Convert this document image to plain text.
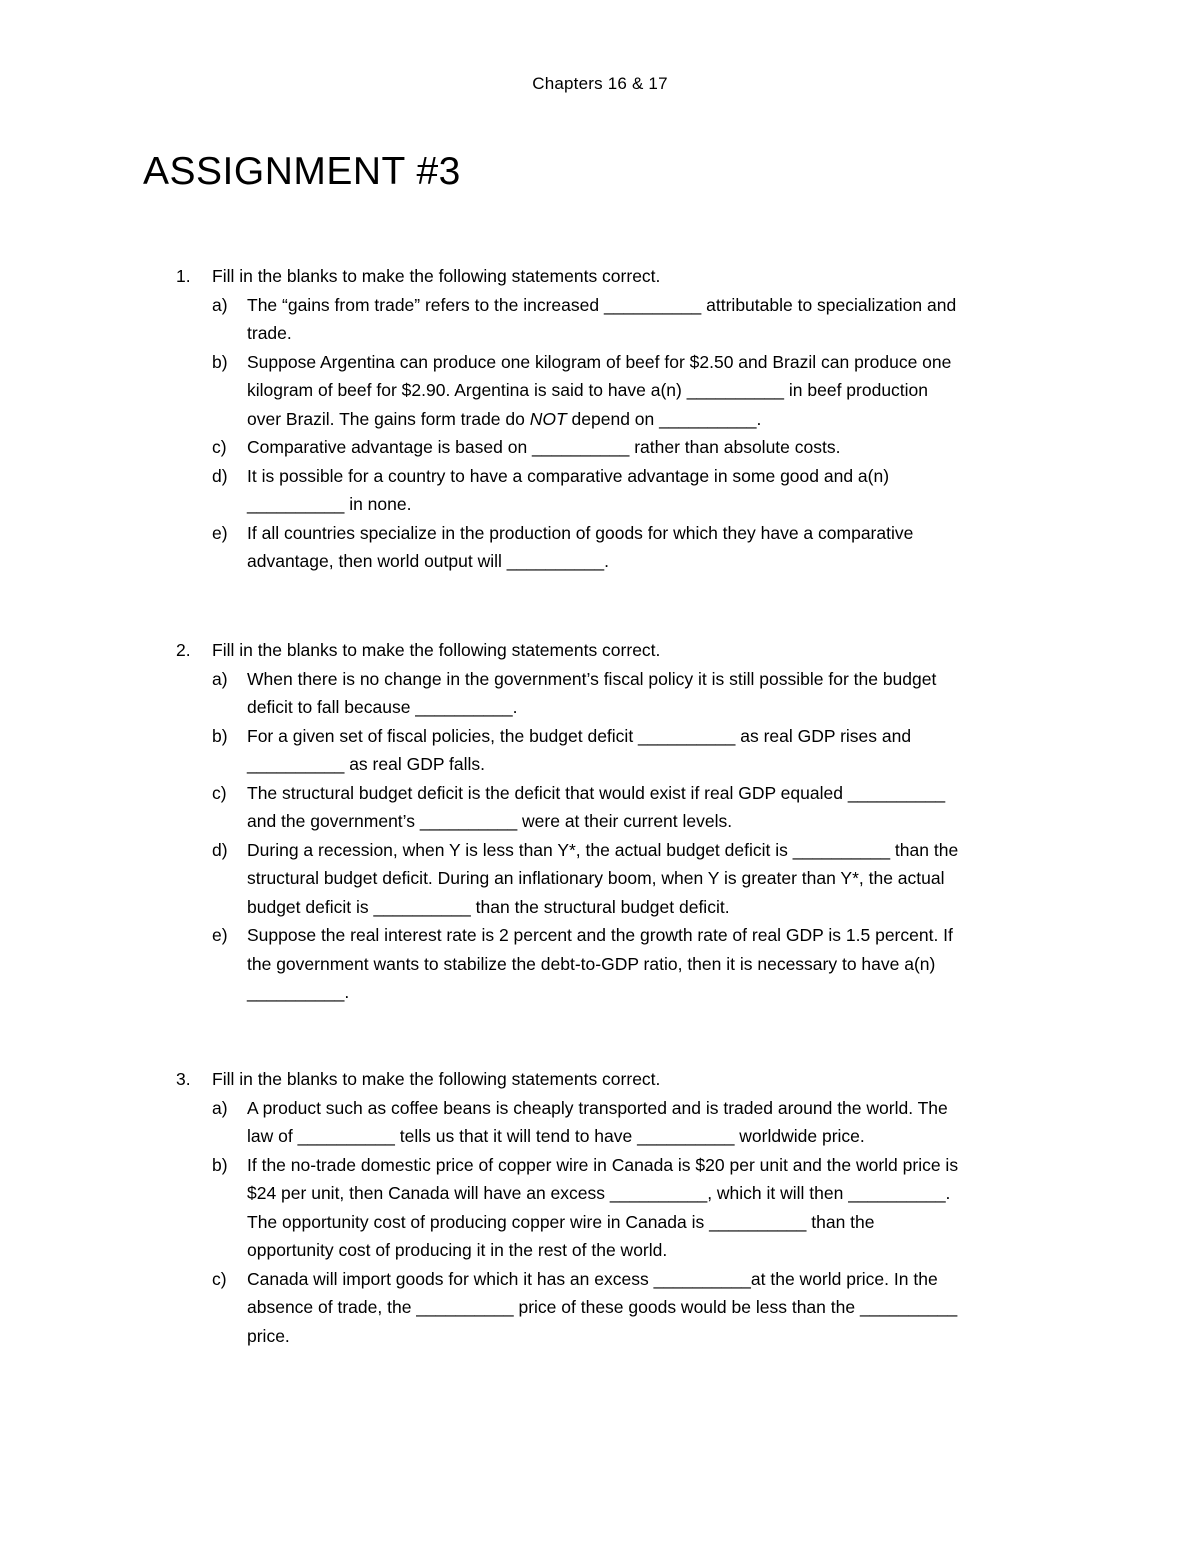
Chapters 16 & 17
ASSIGNMENT #3
1.	Fill in the blanks to make the following statements correct.
a) The “gains from trade” refers to the increased __________ attributable to specialization and
trade.
b) Suppose Argentina can produce one kilogram of beef for $2.50 and Brazil can produce one
kilogram of beef for $2.90. Argentina is said to have a(n) __________ in beef production
over Brazil. The gains form trade do NOT depend on __________.
c) Comparative advantage is based on __________ rather than absolute costs.
d) It is possible for a country to have a comparative advantage in some good and a(n)
__________ in none.
e) If all countries specialize in the production of goods for which they have a comparative
advantage, then world output will __________.
2.	Fill in the blanks to make the following statements correct.
a) When there is no change in the government’s fiscal policy it is still possible for the budget
deficit to fall because __________.
b) For a given set of fiscal policies, the budget deficit __________ as real GDP rises and
__________ as real GDP falls.
c) The structural budget deficit is the deficit that would exist if real GDP equaled __________
and the government’s __________ were at their current levels.
d) During a recession, when Y is less than Y*, the actual budget deficit is __________ than the
structural budget deficit. During an inflationary boom, when Y is greater than Y*, the actual
budget deficit is __________ than the structural budget deficit.
e) Suppose the real interest rate is 2 percent and the growth rate of real GDP is 1.5 percent. If
the government wants to stabilize the debt-to-GDP ratio, then it is necessary to have a(n)
__________.
3.	Fill in the blanks to make the following statements correct.
a) A product such as coffee beans is cheaply transported and is traded around the world. The
law of __________ tells us that it will tend to have __________ worldwide price.
b) If the no-trade domestic price of copper wire in Canada is $20 per unit and the world price is
$24 per unit, then Canada will have an excess __________, which it will then __________.
The opportunity cost of producing copper wire in Canada is __________ than the
opportunity cost of producing it in the rest of the world.
c) Canada will import goods for which it has an excess __________at the world price. In the
absence of trade, the __________ price of these goods would be less than the __________
price.
